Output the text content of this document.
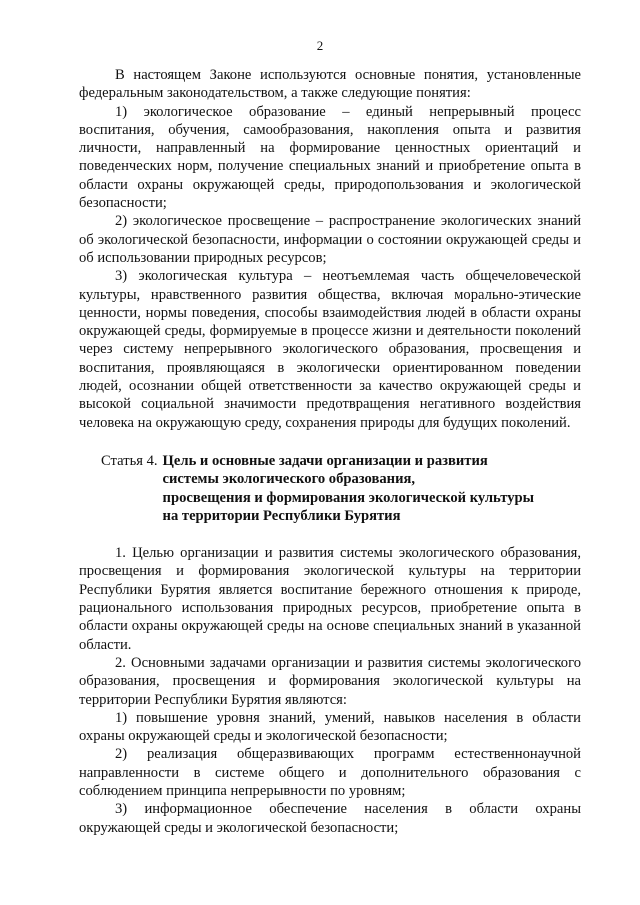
2

В настоящем Законе используются основные понятия, установленные федеральным законодательством, а также следующие понятия:

1) экологическое образование – единый непрерывный процесс воспитания, обучения, самообразования, накопления опыта и развития личности, направленный на формирование ценностных ориентаций и поведенческих норм, получение специальных знаний и приобретение опыта в области охраны окружающей среды, природопользования и экологической безопасности;

2) экологическое просвещение – распространение экологических знаний об экологической безопасности, информации о состоянии окружающей среды и об использовании природных ресурсов;

3) экологическая культура – неотъемлемая часть общечеловеческой культуры, нравственного развития общества, включая морально-этические ценности, нормы поведения, способы взаимодействия людей в области охраны окружающей среды, формируемые в процессе жизни и деятельности поколений через систему непрерывного экологического образования, просвещения и воспитания, проявляющаяся в экологически ориентированном поведении людей, осознании общей ответственности за качество окружающей среды и высокой социальной значимости предотвращения негативного воздействия человека на окружающую среду, сохранения природы для будущих поколений.

Статья 4. Цель и основные задачи организации и развития
системы экологического образования,
просвещения и формирования экологической культуры
на территории Республики Бурятия

1. Целью организации и развития системы экологического образования, просвещения и формирования экологической культуры на территории Республики Бурятия является воспитание бережного отношения к природе, рационального использования природных ресурсов, приобретение опыта в области охраны окружающей среды на основе специальных знаний в указанной области.

2. Основными задачами организации и развития системы экологического образования, просвещения и формирования экологической культуры на территории Республики Бурятия являются:

1) повышение уровня знаний, умений, навыков населения в области охраны окружающей среды и экологической безопасности;

2) реализация общеразвивающих программ естественнонаучной направленности в системе общего и дополнительного образования с соблюдением принципа непрерывности по уровням;

3) информационное обеспечение населения в области охраны окружающей среды и экологической безопасности;
